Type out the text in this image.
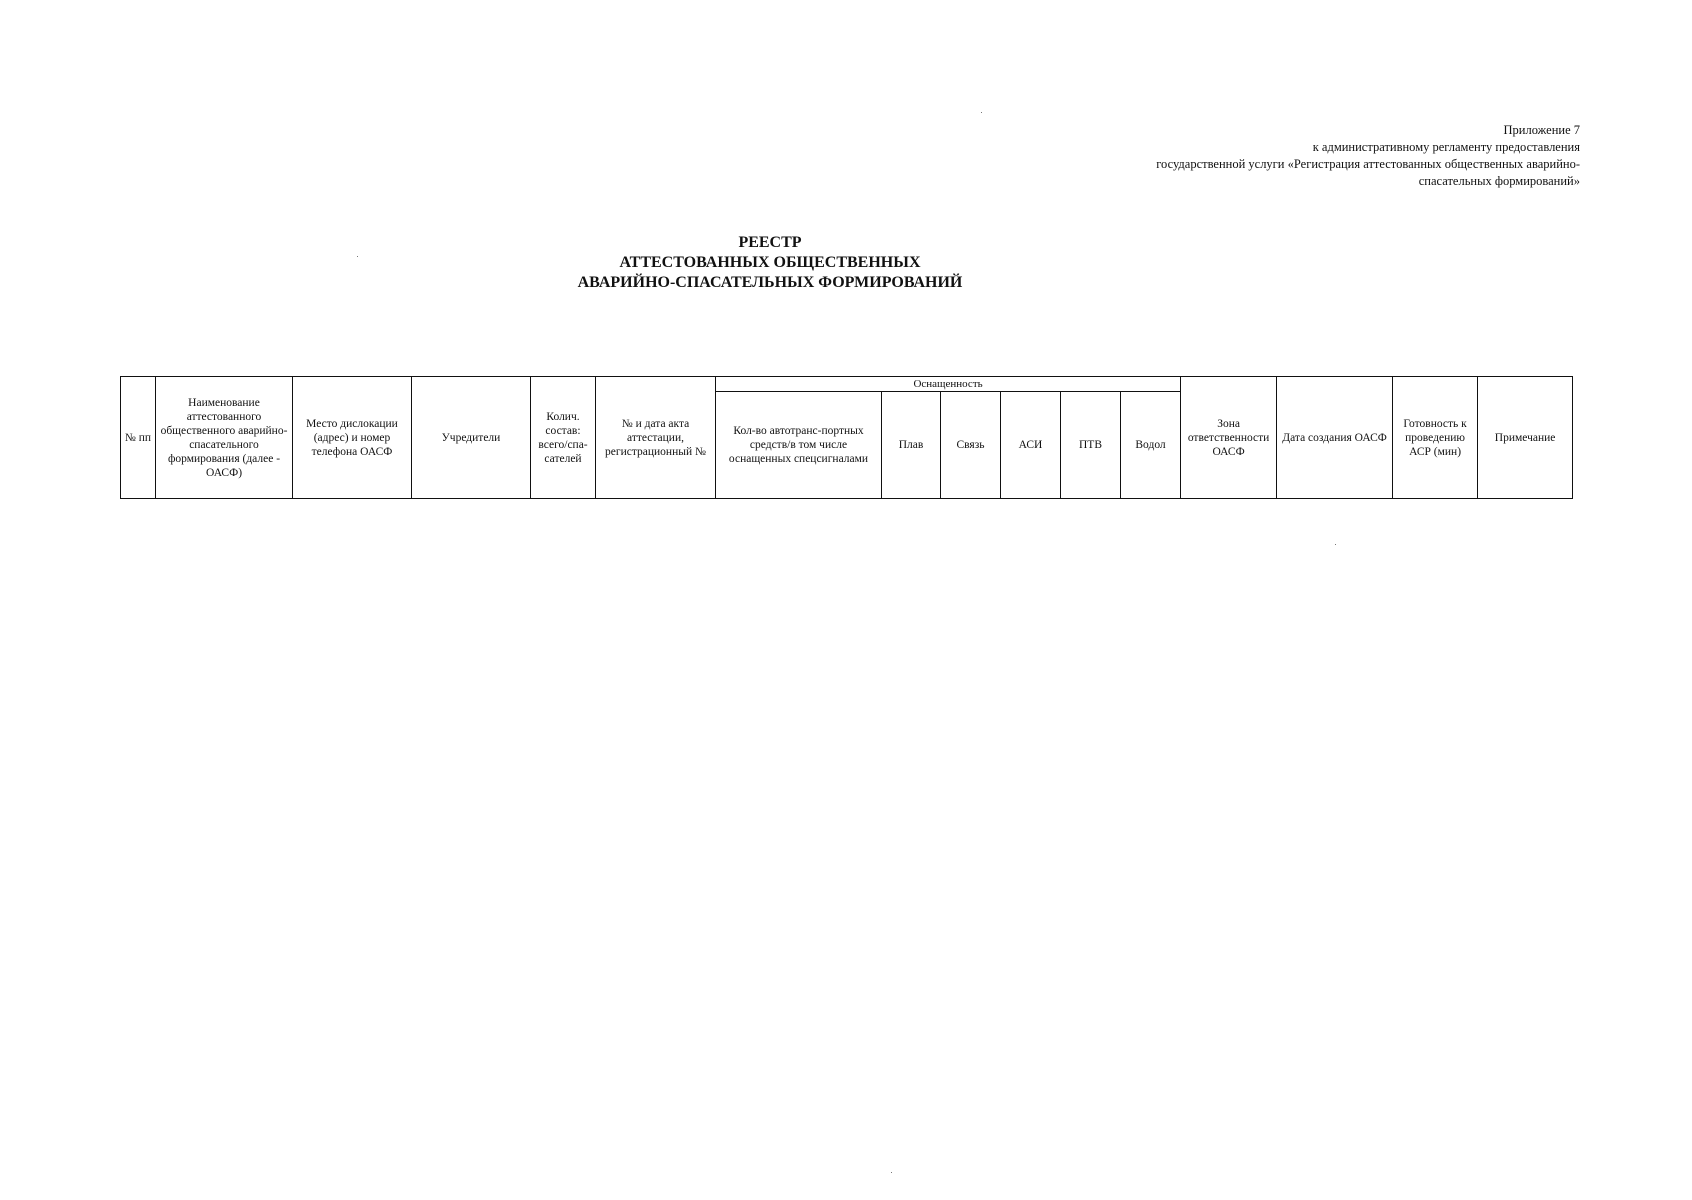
Приложение 7
к административному регламенту предоставления
государственной услуги «Регистрация аттестованных общественных аварийно-
спасательных формирований»
РЕЕСТР
АТТЕСТОВАННЫХ ОБЩЕСТВЕННЫХ
АВАРИЙНО-СПАСАТЕЛЬНЫХ ФОРМИРОВАНИЙ
№ пп	Наименование аттестованного общественного аварийно-спасательного формирования (далее - ОАСФ)	Место дислокации (адрес) и номер телефона ОАСФ	Учредители	Колич. состав: всего/спа-сателей	№ и дата акта аттестации, регистрационный №	Оснащенность						Зона ответственности ОАСФ	Дата создания ОАСФ	Готовность к проведению АСР (мин)	Примечание
						Кол-во автотранс-портных средств/в том числе оснащенных спецсигналами	Плав	Связь	АСИ	ПТВ	Водол				
